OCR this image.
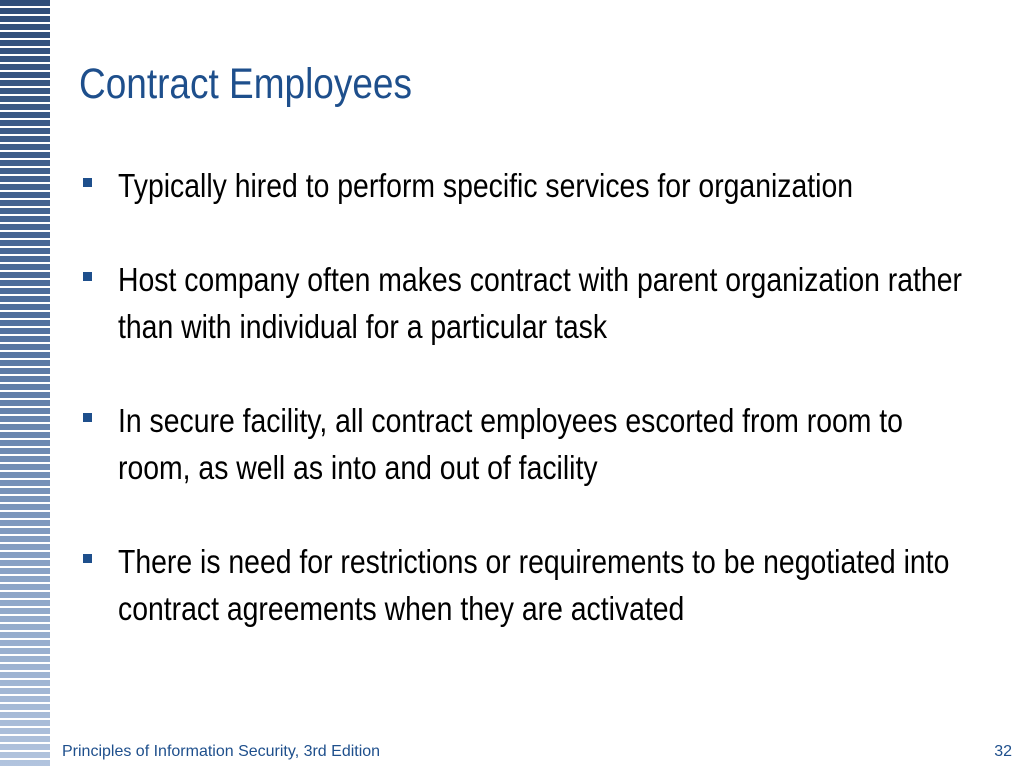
Contract Employees
Typically hired to perform specific services for organization
Host company often makes contract with parent organization rather than with individual for a particular task
In secure facility, all contract employees escorted from room to room, as well as into and out of facility
There is need for restrictions or requirements to be negotiated into contract agreements when they are activated
Principles of Information Security, 3rd Edition	32
